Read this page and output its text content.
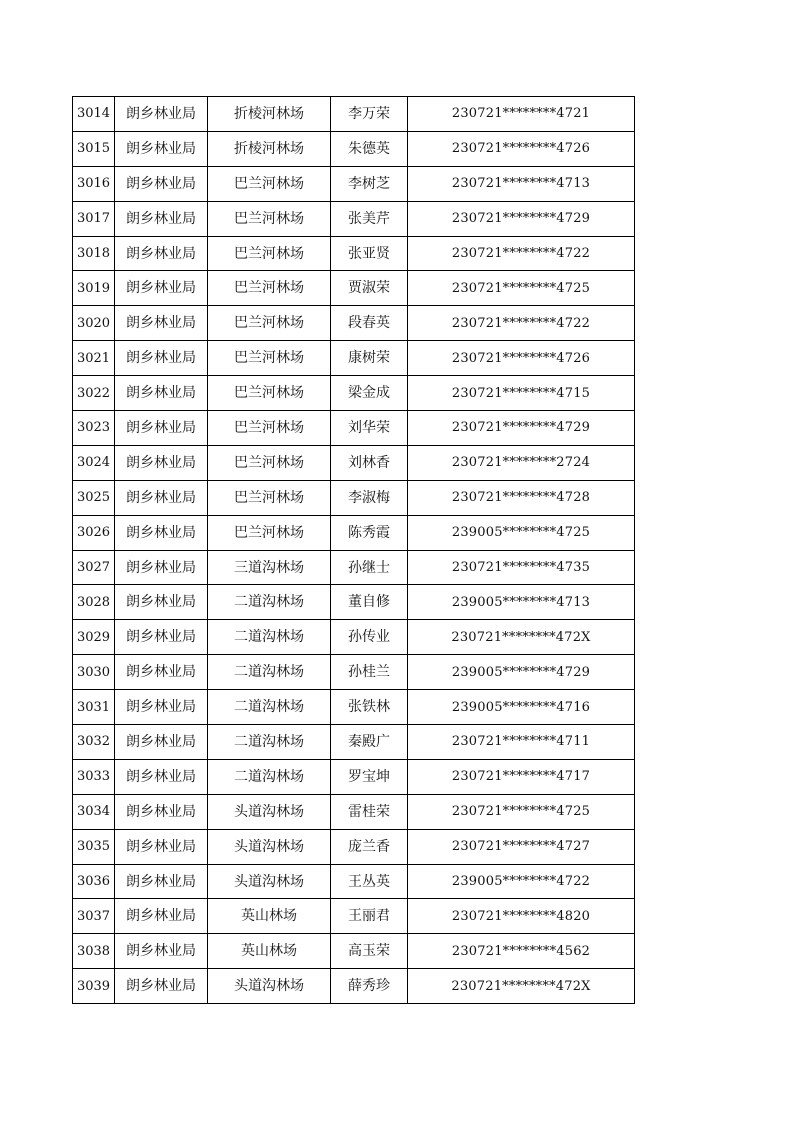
3014	朗乡林业局	折棱河林场	李万荣	230721********4721
3015	朗乡林业局	折棱河林场	朱德英	230721********4726
3016	朗乡林业局	巴兰河林场	李树芝	230721********4713
3017	朗乡林业局	巴兰河林场	张美芹	230721********4729
3018	朗乡林业局	巴兰河林场	张亚贤	230721********4722
3019	朗乡林业局	巴兰河林场	贾淑荣	230721********4725
3020	朗乡林业局	巴兰河林场	段春英	230721********4722
3021	朗乡林业局	巴兰河林场	康树荣	230721********4726
3022	朗乡林业局	巴兰河林场	梁金成	230721********4715
3023	朗乡林业局	巴兰河林场	刘华荣	230721********4729
3024	朗乡林业局	巴兰河林场	刘林香	230721********2724
3025	朗乡林业局	巴兰河林场	李淑梅	230721********4728
3026	朗乡林业局	巴兰河林场	陈秀霞	239005********4725
3027	朗乡林业局	三道沟林场	孙继士	230721********4735
3028	朗乡林业局	二道沟林场	董自修	239005********4713
3029	朗乡林业局	二道沟林场	孙传业	230721********472X
3030	朗乡林业局	二道沟林场	孙桂兰	239005********4729
3031	朗乡林业局	二道沟林场	张铁林	239005********4716
3032	朗乡林业局	二道沟林场	秦殿广	230721********4711
3033	朗乡林业局	二道沟林场	罗宝坤	230721********4717
3034	朗乡林业局	头道沟林场	雷桂荣	230721********4725
3035	朗乡林业局	头道沟林场	庞兰香	230721********4727
3036	朗乡林业局	头道沟林场	王丛英	239005********4722
3037	朗乡林业局	英山林场	王丽君	230721********4820
3038	朗乡林业局	英山林场	高玉荣	230721********4562
3039	朗乡林业局	头道沟林场	薛秀珍	230721********472X
